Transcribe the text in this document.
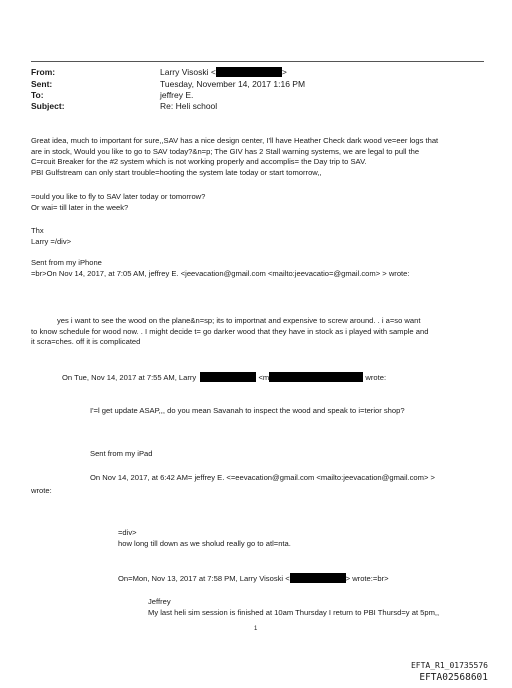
From:	Larry Visoski <	>
Sent:	Tuesday, November 14, 2017 1:16 PM
To:	jeffrey E.
Subject:	Re: Heli school
Great idea, much to important for sure,,SAV has a nice design center, I'll have Heather Check dark wood ve=eer logs that
are in stock, Would you like to go to SAV today?&n=p; The GIV has 2 Stall warning systems, we are legal to pull the
C=rcuit Breaker for the #2 system which is not working properly and accomplis= the Day trip to SAV.
PBI Gulfstream can only start trouble=hooting the system late today or start tomorrow,,
=ould you like to fly to SAV later today or tomorrow?
Or wai= till later in the week?
Thx
Larry =/div>
Sent from my iPhone
=br>On Nov 14, 2017, at 7:05 AM, jeffrey E. <jeevacation@gmail.com <mailto:jeevacatio=@gmail.com> > wrote:
yes i want to see the wood on the plane&n=sp; its to importnat and expensive to screw around. . i a=so want
to know schedule for wood now. . I might decide t= go darker wood that they have in stock as i played with sample and
it scra=ches. off it is complicated
On Tue, Nov 14, 2017 at 7:55 AM, Larry	<m	wrote:
I'=l get update ASAP,,, do you mean Savanah to inspect the wood and speak to i=terior shop?
Sent from my iPad
On Nov 14, 2017, at 6:42 AM= jeffrey E. <=eevacation@gmail.com <mailto:jeevacation@gmail.com> >
wrote:
=div>
how long till down as we sholud really go to atl=nta.
On=Mon, Nov 13, 2017 at 7:58 PM, Larry Visoski <	> wrote:=br>
Jeffrey
My last heli sim session is finished at 10am Thursday I return to PBI Thursd=y at 5pm,,
1
EFTA_R1_01735576
EFTA02568601
